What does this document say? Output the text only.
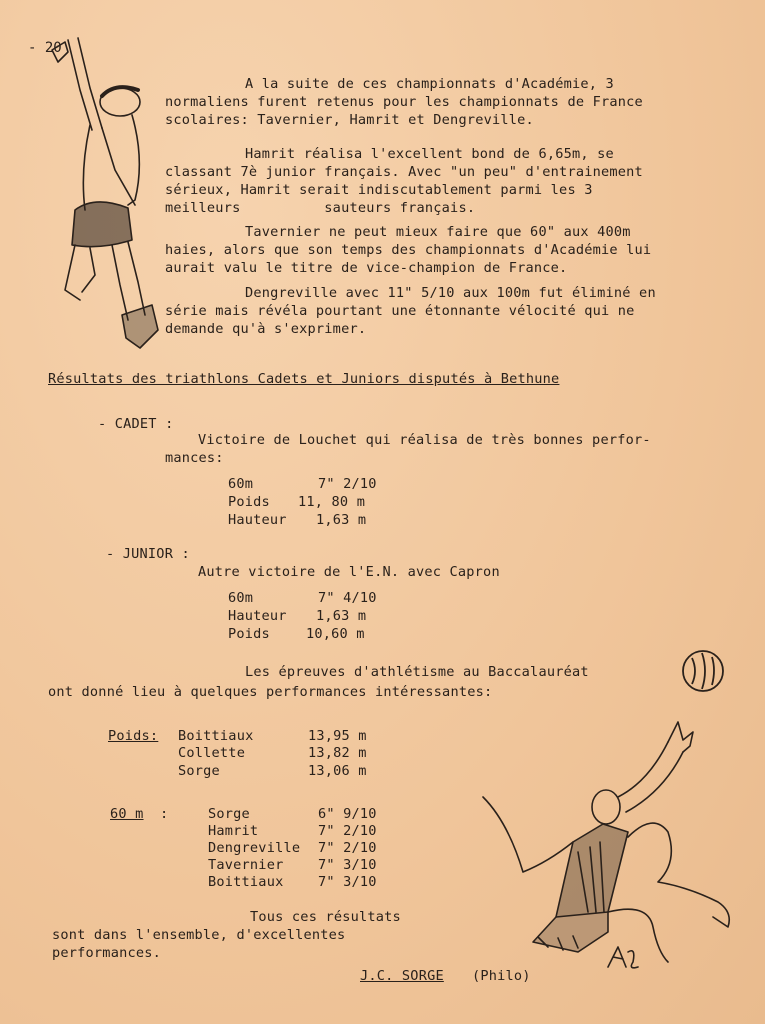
- 20
A la suite de ces championnats d'Académie, 3
normaliens furent retenus pour les championnats de France
scolaires: Tavernier, Hamrit et Dengreville.
Hamrit réalisa l'excellent bond de 6,65m, se
classant 7è junior français. Avec "un peu" d'entrainement
sérieux, Hamrit serait indiscutablement parmi les 3
meilleurs          sauteurs français.
Tavernier ne peut mieux faire que 60" aux 400m
haies, alors que son temps des championnats d'Académie lui
aurait valu le titre de vice-champion de France.
Dengreville avec 11" 5/10 aux 100m fut éliminé en
série mais révéla pourtant une étonnante vélocité qui ne
demande qu'à s'exprimer.
Résultats des triathlons Cadets et Juniors disputés à Bethune
- CADET :
Victoire de Louchet qui réalisa de très bonnes perfor-
mances:
60m	7" 2/10
Poids 11, 80 m
Hauteur 1,63 m
- JUNIOR :
Autre victoire de l'E.N. avec Capron
60m	7" 4/10
Hauteur 1,63 m
Poids	10,60 m
Les épreuves d'athlétisme au Baccalauréat
ont donné lieu à quelques performances intéressantes:
Poids: Boittiaux	13,95 m
Collette	13,82 m
Sorge	13,06 m
60 m :	Sorge	6" 9/10
Hamrit	7" 2/10
Dengreville 7" 2/10
Tavernier	7" 3/10
Boittiaux	7" 3/10
Tous ces résultats
sont dans l'ensemble, d'excellentes
performances.
J.C. SORGE (Philo)
